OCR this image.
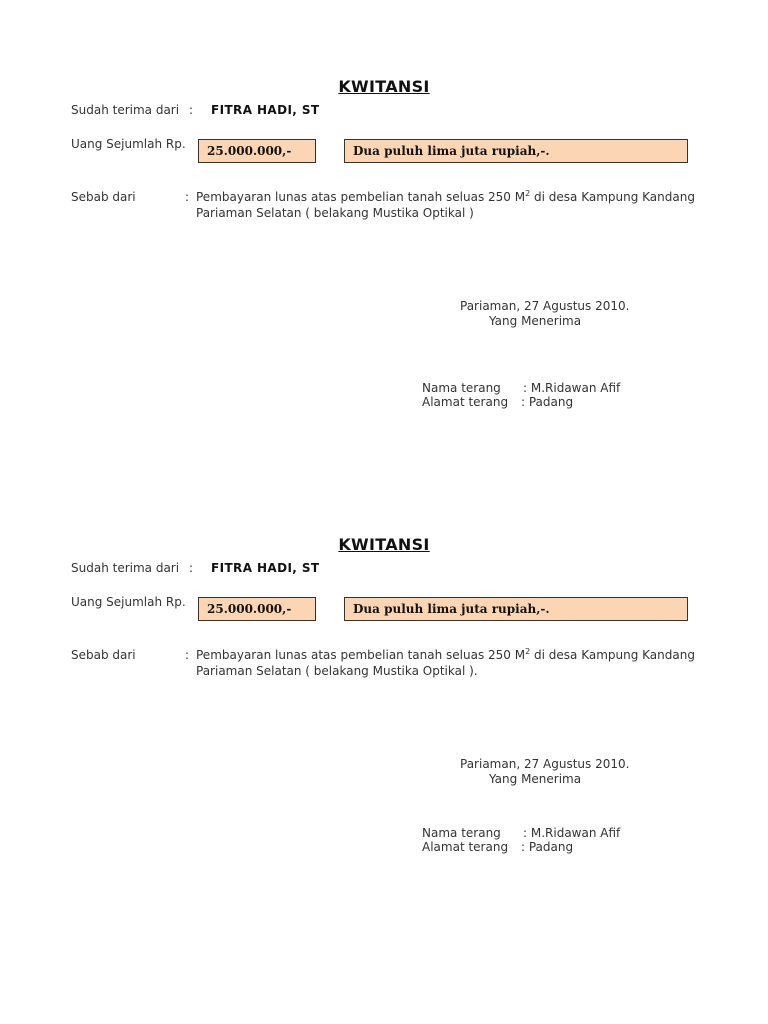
KWITANSI
Sudah terima dari : FITRA HADI, ST
Uang Sejumlah Rp.	25.000.000,-	Dua puluh lima juta rupiah,-.
Sebab dari	: Pembayaran lunas atas pembelian tanah seluas 250 $M^2$ di desa Kampung Kandang Pariaman Selatan ( belakang Mustika Optikal )
Pariaman, 27 Agustus 2010.
Yang Menerima
Nama terang : M.Ridawan Afif
Alamat terang : Padang
KWITANSI
Sudah terima dari : FITRA HADI, ST
Uang Sejumlah Rp.	25.000.000,-	Dua puluh lima juta rupiah,-.
Sebab dari	: Pembayaran lunas atas pembelian tanah seluas 250 $M^2$ di desa Kampung Kandang Pariaman Selatan ( belakang Mustika Optikal ).
Pariaman, 27 Agustus 2010.
Yang Menerima
Nama terang : M.Ridawan Afif
Alamat terang : Padang
